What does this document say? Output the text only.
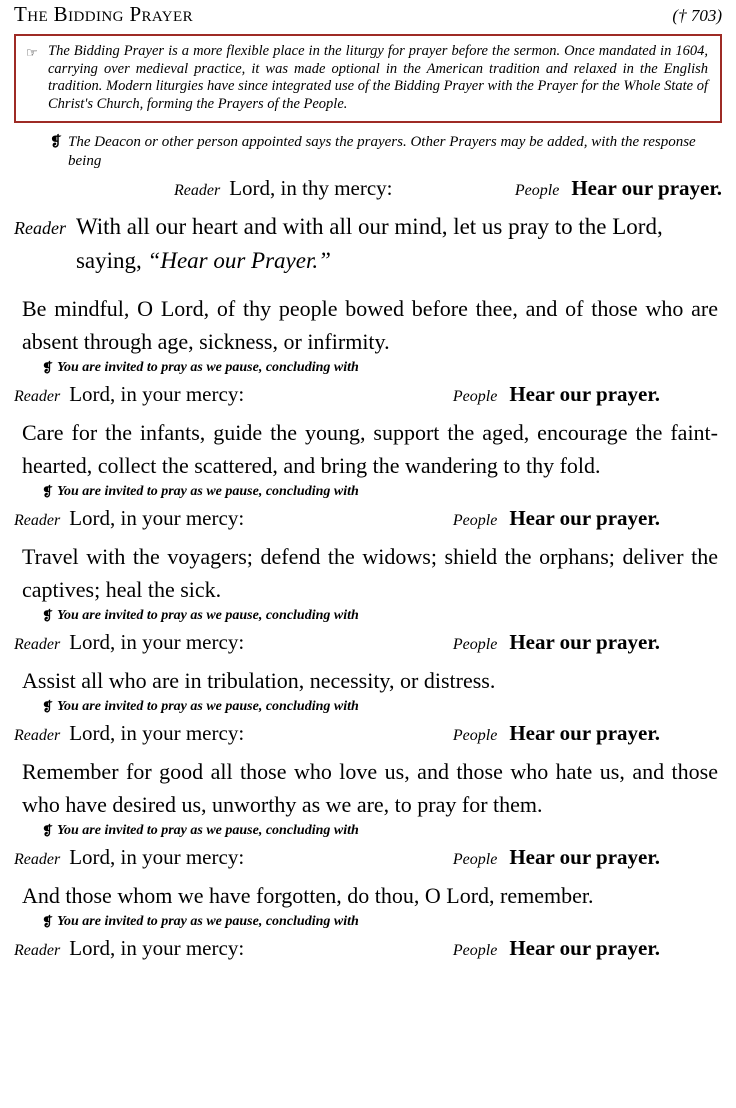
The Bidding Prayer	(† 703)
☞ The Bidding Prayer is a more flexible place in the liturgy for prayer before the sermon. Once mandated in 1604, carrying over medieval practice, it was made optional in the American tradition and relaxed in the English tradition. Modern liturgies have since integrated use of the Bidding Prayer with the Prayer for the Whole State of Christ's Church, forming the Prayers of the People.
❡ The Deacon or other person appointed says the prayers. Other Prayers may be added, with the response being
Reader Lord, in thy mercy:	People Hear our prayer.
Reader With all our heart and with all our mind, let us pray to the Lord, saying, “Hear our Prayer.”
Be mindful, O Lord, of thy people bowed before thee, and of those who are absent through age, sickness, or infirmity.
❡ You are invited to pray as we pause, concluding with
Reader Lord, in your mercy:	People Hear our prayer.
Care for the infants, guide the young, support the aged, encourage the faint-hearted, collect the scattered, and bring the wandering to thy fold.
❡ You are invited to pray as we pause, concluding with
Reader Lord, in your mercy:	People Hear our prayer.
Travel with the voyagers; defend the widows; shield the orphans; deliver the captives; heal the sick.
❡ You are invited to pray as we pause, concluding with
Reader Lord, in your mercy:	People Hear our prayer.
Assist all who are in tribulation, necessity, or distress.
❡ You are invited to pray as we pause, concluding with
Reader Lord, in your mercy:	People Hear our prayer.
Remember for good all those who love us, and those who hate us, and those who have desired us, unworthy as we are, to pray for them.
❡ You are invited to pray as we pause, concluding with
Reader Lord, in your mercy:	People Hear our prayer.
And those whom we have forgotten, do thou, O Lord, remember.
❡ You are invited to pray as we pause, concluding with
Reader Lord, in your mercy:	People Hear our prayer.
